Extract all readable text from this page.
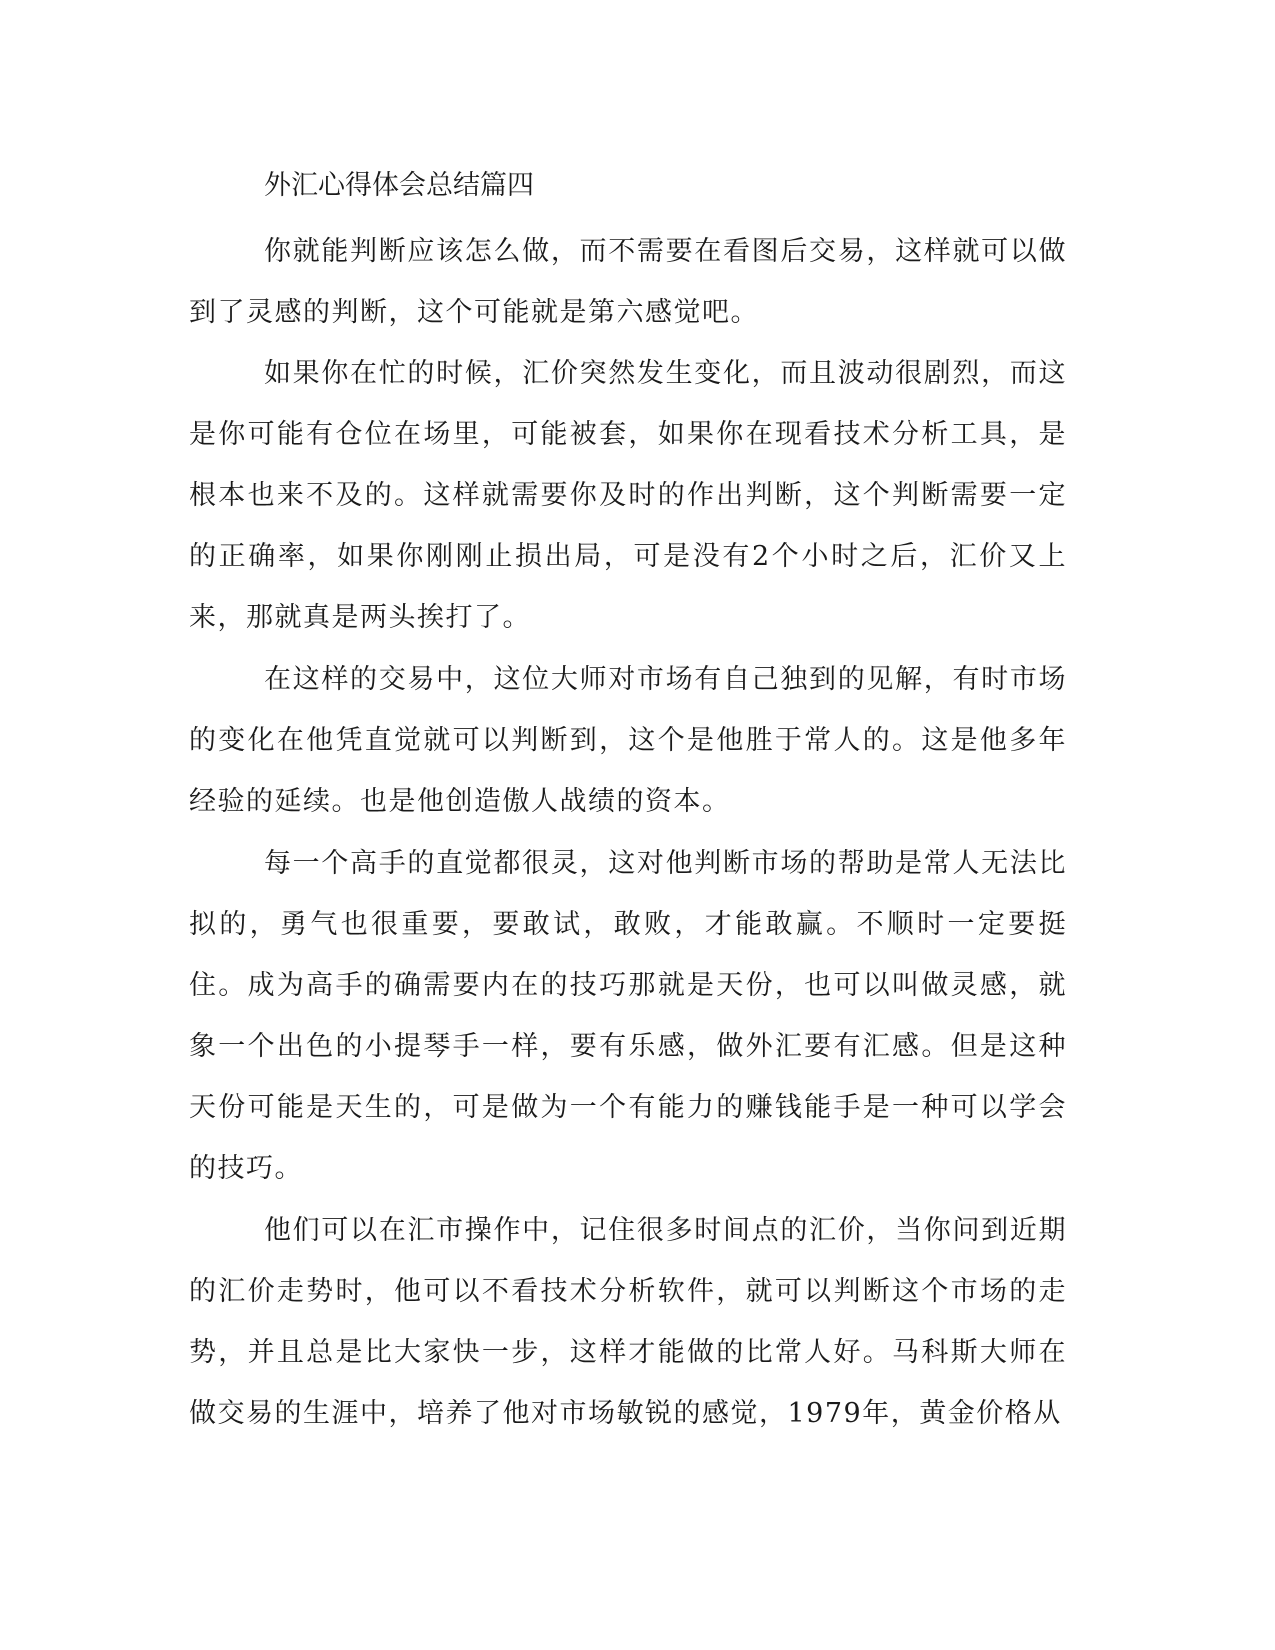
外汇心得体会总结篇四

你就能判断应该怎么做，而不需要在看图后交易，这样就可以做到了灵感的判断，这个可能就是第六感觉吧。

如果你在忙的时候，汇价突然发生变化，而且波动很剧烈，而这是你可能有仓位在场里，可能被套，如果你在现看技术分析工具，是根本也来不及的。这样就需要你及时的作出判断，这个判断需要一定的正确率，如果你刚刚止损出局，可是没有2个小时之后，汇价又上来，那就真是两头挨打了。

在这样的交易中，这位大师对市场有自己独到的见解，有时市场的变化在他凭直觉就可以判断到，这个是他胜于常人的。这是他多年经验的延续。也是他创造傲人战绩的资本。

每一个高手的直觉都很灵，这对他判断市场的帮助是常人无法比拟的，勇气也很重要，要敢试，敢败，才能敢赢。不顺时一定要挺住。成为高手的确需要内在的技巧那就是天份，也可以叫做灵感，就象一个出色的小提琴手一样，要有乐感，做外汇要有汇感。但是这种天份可能是天生的，可是做为一个有能力的赚钱能手是一种可以学会的技巧。

他们可以在汇市操作中，记住很多时间点的汇价，当你问到近期的汇价走势时，他可以不看技术分析软件，就可以判断这个市场的走势，并且总是比大家快一步，这样才能做的比常人好。马科斯大师在做交易的生涯中，培养了他对市场敏锐的感觉，1979年，黄金价格从
